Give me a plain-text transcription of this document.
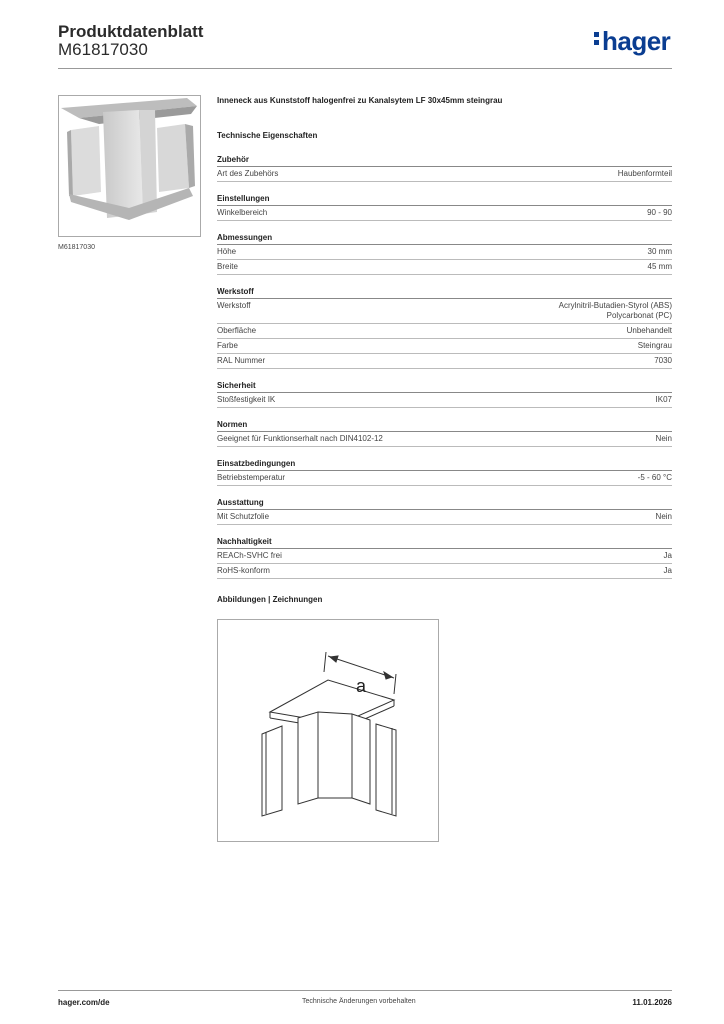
Produktdatenblatt
M61817030	hager
M61817030
Inneneck aus Kunststoff halogenfrei zu Kanalsytem LF 30x45mm steingrau
Technische Eigenschaften
Zubehör
Art des Zubehörs	Haubenformteil
Einstellungen
Winkelbereich	90 - 90
Abmessungen
Höhe	30 mm
Breite	45 mm
Werkstoff
Werkstoff	Acrylnitril-Butadien-Styrol (ABS)
Polycarbonat (PC)
Oberfläche	Unbehandelt
Farbe	Steingrau
RAL Nummer	7030
Sicherheit
Stoßfestigkeit IK	IK07
Normen
Geeignet für Funktionserhalt nach DIN4102-12	Nein
Einsatzbedingungen
Betriebstemperatur	-5 - 60 °C
Ausstattung
Mit Schutzfolie	Nein
Nachhaltigkeit
REACh-SVHC frei	Ja
RoHS-konform	Ja
Abbildungen | Zeichnungen
a
hager.com/de	Technische Änderungen vorbehalten	11.01.2026
